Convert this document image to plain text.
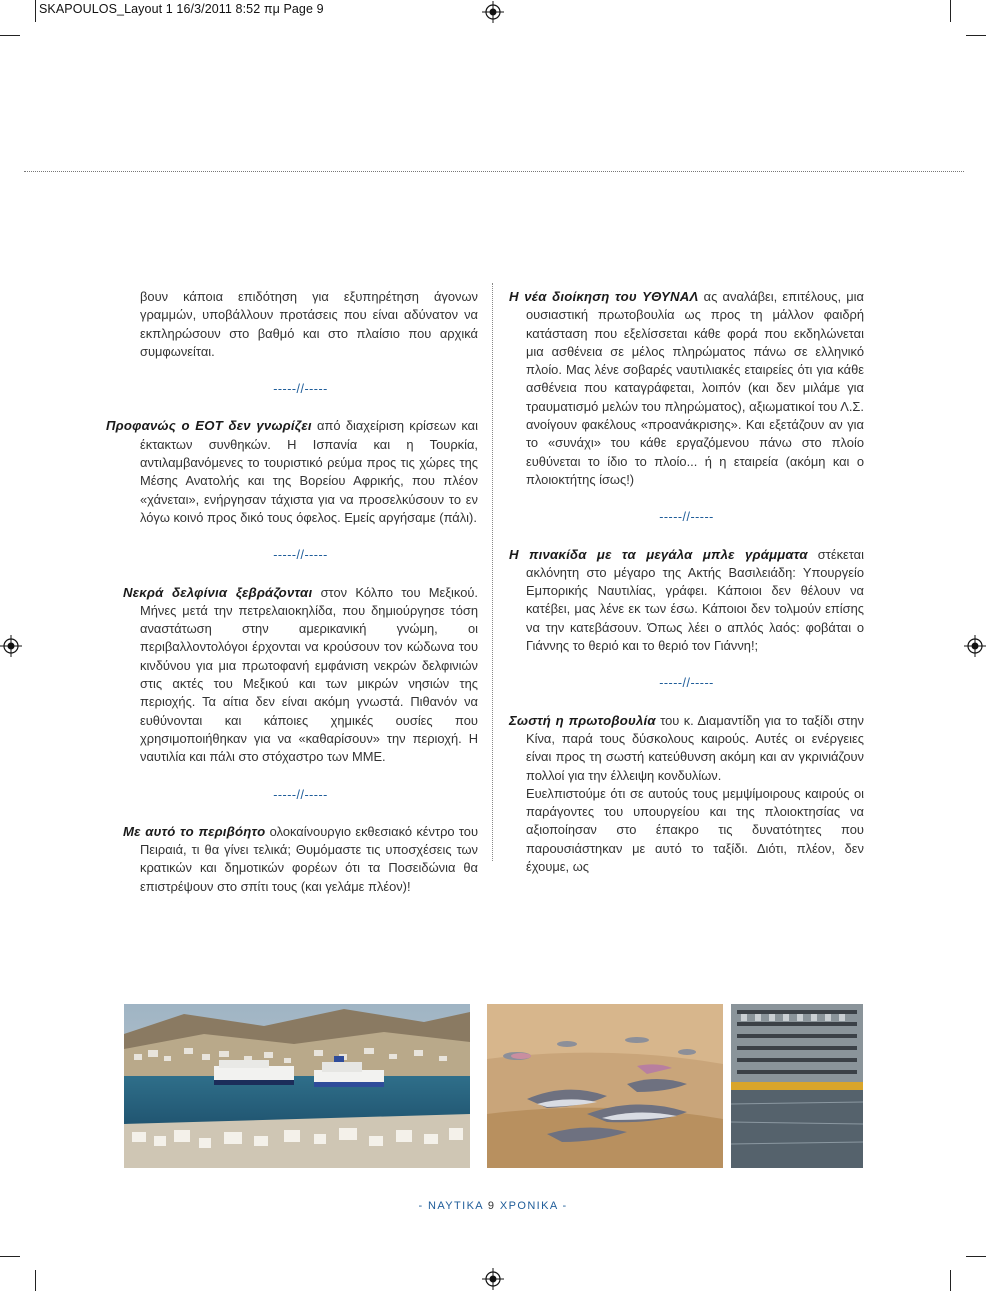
SKAPOULOS_Layout 1 16/3/2011 8:52 πμ Page 9

βουν κάποια επιδότηση για εξυπηρέτηση άγονων γραμμών, υποβάλλουν προτάσεις που είναι αδύνατον να εκπληρώσουν στο βαθμό και στο πλαίσιο που αρχικά συμφωνείται.

-----//-----

Προφανώς ο ΕΟΤ δεν γνωρίζει από διαχείριση κρίσεων και έκτακτων συνθηκών. Η Ισπανία και η Τουρκία, αντιλαμβανόμενες το τουριστικό ρεύμα προς τις χώρες της Μέσης Ανατολής και της Βορείου Αφρικής, που πλέον «χάνεται», ενήργησαν τάχιστα για να προσελκύσουν το εν λόγω κοινό προς δικό τους όφελος. Εμείς αργήσαμε (πάλι).

-----//-----

Νεκρά δελφίνια ξεβράζονται στον Κόλπο του Μεξικού. Μήνες μετά την πετρελαιοκηλίδα, που δημιούργησε τόση αναστάτωση στην αμερικανική γνώμη, οι περιβαλλοντολόγοι έρχονται να κρούσουν τον κώδωνα του κινδύνου για μια πρωτοφανή εμφάνιση νεκρών δελφινιών στις ακτές του Μεξικού και των μικρών νησιών της περιοχής. Τα αίτια δεν είναι ακόμη γνωστά. Πιθανόν να ευθύνονται και κάποιες χημικές ουσίες που χρησιμοποιήθηκαν για να «καθαρίσουν» την περιοχή. Η ναυτιλία και πάλι στο στόχαστρο των ΜΜΕ.

-----//-----

Με αυτό το περιβόητο ολοκαίνουργιο εκθεσιακό κέντρο του Πειραιά, τι θα γίνει τελικά; Θυμόμαστε τις υποσχέσεις των κρατικών και δημοτικών φορέων ότι τα Ποσειδώνια θα επιστρέψουν στο σπίτι τους (και γελάμε πλέον)!

Η νέα διοίκηση του ΥΘΥΝΑΛ ας αναλάβει, επιτέλους, μια ουσιαστική πρωτοβουλία ως προς τη μάλλον φαιδρή κατάσταση που εξελίσσεται κάθε φορά που εκδηλώνεται μια ασθένεια σε μέλος πληρώματος πάνω σε ελληνικό πλοίο. Μας λένε σοβαρές ναυτιλιακές εταιρείες ότι για κάθε ασθένεια που καταγράφεται, λοιπόν (και δεν μιλάμε για τραυματισμό μελών του πληρώματος), αξιωματικοί του Λ.Σ. ανοίγουν φακέλους «προανάκρισης». Και εξετάζουν αν για το «συνάχι» του κάθε εργαζόμενου πάνω στο πλοίο ευθύνεται το ίδιο το πλοίο... ή η εταιρεία (ακόμη και ο πλοιοκτήτης ίσως!)

-----//-----

Η πινακίδα με τα μεγάλα μπλε γράμματα στέκεται ακλόνητη στο μέγαρο της Ακτής Βασιλειάδη: Υπουργείο Εμπορικής Ναυτιλίας, γράφει. Κάποιοι δεν θέλουν να κατέβει, μας λένε εκ των έσω. Κάποιοι δεν τολμούν επίσης να την κατεβάσουν. Όπως λέει ο απλός λαός: φοβάται ο Γιάννης το θεριό και το θεριό τον Γιάννη!;

-----//-----

Σωστή η πρωτοβουλία του κ. Διαμαντίδη για το ταξίδι στην Κίνα, παρά τους δύσκολους καιρούς. Αυτές οι ενέργειες είναι προς τη σωστή κατεύθυνση ακόμη και αν γκρινιάζουν πολλοί για την έλλειψη κονδυλίων.

Ευελπιστούμε ότι σε αυτούς τους μεμψίμοιρους καιρούς οι παράγοντες του υπουργείου και της πλοιοκτησίας να αξιοποίησαν στο έπακρο τις δυνατότητες που παρουσιάστηκαν με αυτό το ταξίδι. Διότι, πλέον, δεν έχουμε, ως

- ΝΑΥΤΙΚΑ 9 ΧΡΟΝΙΚΑ -
